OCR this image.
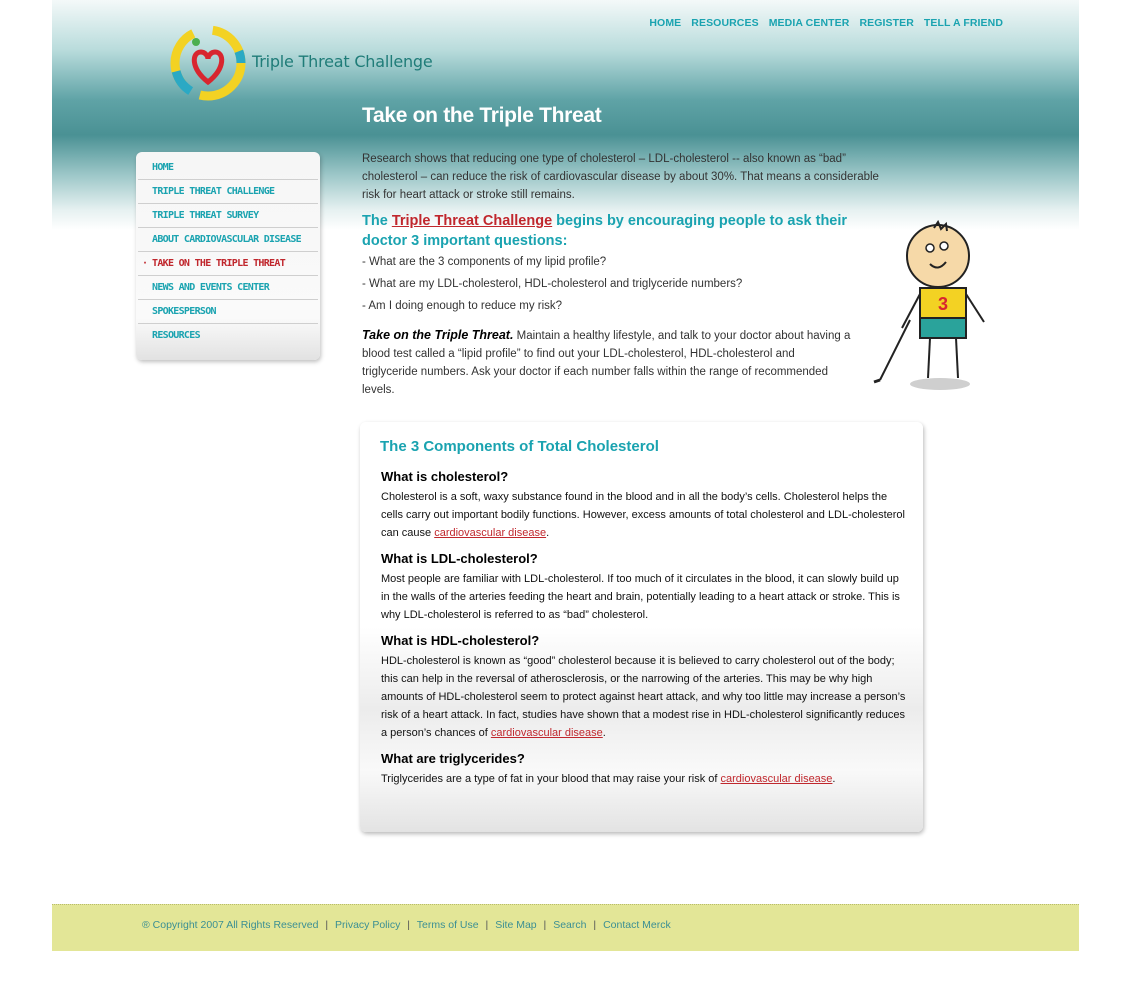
Triple Threat Challenge
HOME RESOURCES MEDIA CENTER REGISTER TELL A FRIEND
HOME
TRIPLE THREAT CHALLENGE
TRIPLE THREAT SURVEY
ABOUT CARDIOVASCULAR DISEASE
· TAKE ON THE TRIPLE THREAT
NEWS AND EVENTS CENTER
SPOKESPERSON
RESOURCES
Take on the Triple Threat
Research shows that reducing one type of cholesterol – LDL-cholesterol -- also known as “bad” cholesterol – can reduce the risk of cardiovascular disease by about 30%. That means a considerable risk for heart attack or stroke still remains.
The Triple Threat Challenge begins by encouraging people to ask their doctor 3 important questions:
- What are the 3 components of my lipid profile?
- What are my LDL-cholesterol, HDL-cholesterol and triglyceride numbers?
- Am I doing enough to reduce my risk?
Take on the Triple Threat. Maintain a healthy lifestyle, and talk to your doctor about having a blood test called a “lipid profile” to find out your LDL-cholesterol, HDL-cholesterol and triglyceride numbers. Ask your doctor if each number falls within the range of recommended levels.
3
The 3 Components of Total Cholesterol
What is cholesterol?

Cholesterol is a soft, waxy substance found in the blood and in all the body’s cells. Cholesterol helps the cells carry out important bodily functions. However, excess amounts of total cholesterol and LDL-cholesterol can cause cardiovascular disease.

What is LDL-cholesterol?

Most people are familiar with LDL-cholesterol. If too much of it circulates in the blood, it can slowly build up in the walls of the arteries feeding the heart and brain, potentially leading to a heart attack or stroke. This is why LDL-cholesterol is referred to as “bad” cholesterol.

What is HDL-cholesterol?

HDL-cholesterol is known as “good” cholesterol because it is believed to carry cholesterol out of the body; this can help in the reversal of atherosclerosis, or the narrowing of the arteries. This may be why high amounts of HDL-cholesterol seem to protect against heart attack, and why too little may increase a person’s risk of a heart attack. In fact, studies have shown that a modest rise in HDL-cholesterol significantly reduces a person’s chances of cardiovascular disease.

What are triglycerides?

Triglycerides are a type of fat in your blood that may raise your risk of cardiovascular disease.

® Copyright 2007 All Rights Reserved | Privacy Policy | Terms of Use | Site Map | Search | Contact Merck
